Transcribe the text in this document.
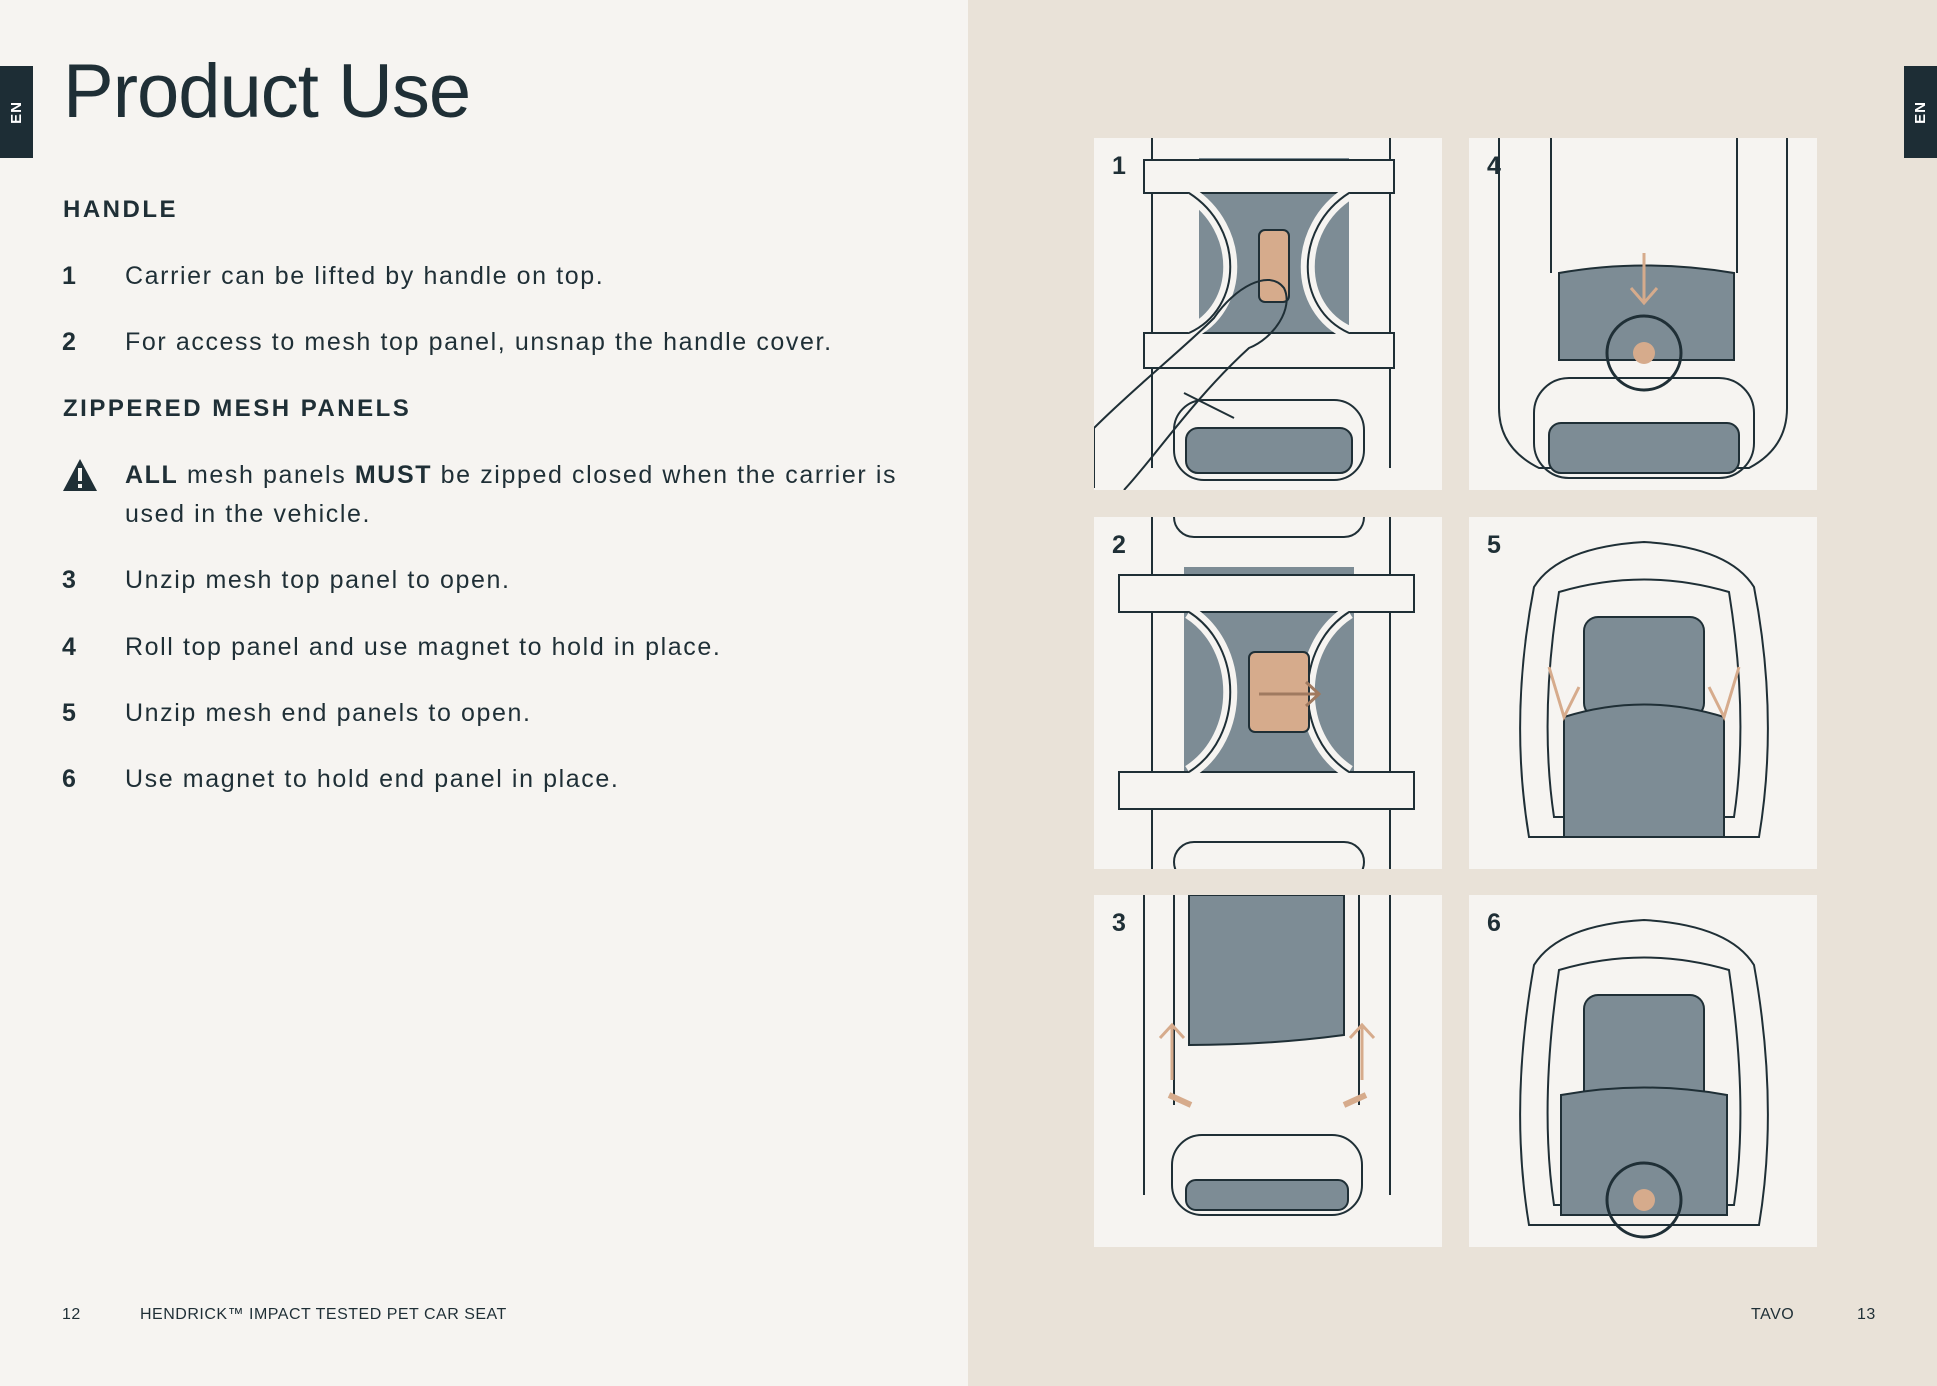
EN Product Use
HANDLE
1 Carrier can be lifted by handle on top.
2 For access to mesh top panel, unsnap the handle cover.
ZIPPERED MESH PANELS
ALL mesh panels MUST be zipped closed when the carrier is used in the vehicle.
3 Unzip mesh top panel to open.
4 Roll top panel and use magnet to hold in place.
5 Unzip mesh end panels to open.
6 Use magnet to hold end panel in place.
12	HENDRICK™ IMPACT TESTED PET CAR SEAT
EN
1	4
2	5
3	6
TAVO	13
